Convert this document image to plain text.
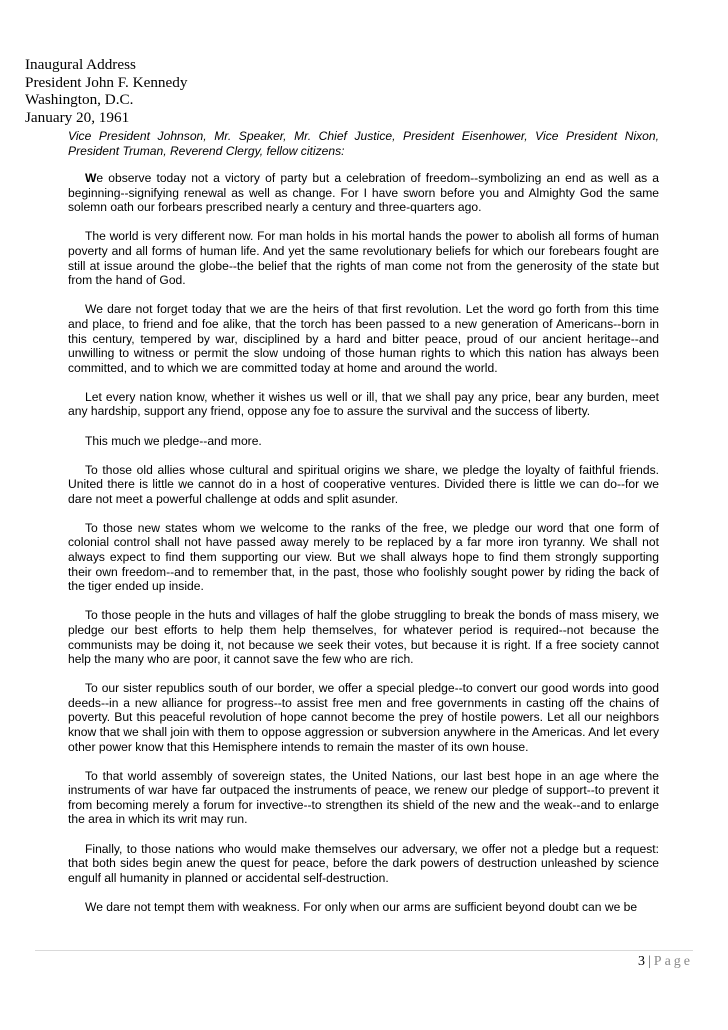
Inaugural Address
President John F. Kennedy
Washington, D.C.
January 20, 1961

Vice President Johnson, Mr. Speaker, Mr. Chief Justice, President Eisenhower, Vice President Nixon, President Truman, Reverend Clergy, fellow citizens:

We observe today not a victory of party but a celebration of freedom--symbolizing an end as well as a beginning--signifying renewal as well as change. For I have sworn before you and Almighty God the same solemn oath our forbears prescribed nearly a century and three-quarters ago.

The world is very different now. For man holds in his mortal hands the power to abolish all forms of human poverty and all forms of human life. And yet the same revolutionary beliefs for which our forebears fought are still at issue around the globe--the belief that the rights of man come not from the generosity of the state but from the hand of God.

We dare not forget today that we are the heirs of that first revolution. Let the word go forth from this time and place, to friend and foe alike, that the torch has been passed to a new generation of Americans--born in this century, tempered by war, disciplined by a hard and bitter peace, proud of our ancient heritage--and unwilling to witness or permit the slow undoing of those human rights to which this nation has always been committed, and to which we are committed today at home and around the world.

Let every nation know, whether it wishes us well or ill, that we shall pay any price, bear any burden, meet any hardship, support any friend, oppose any foe to assure the survival and the success of liberty.

This much we pledge--and more.

To those old allies whose cultural and spiritual origins we share, we pledge the loyalty of faithful friends. United there is little we cannot do in a host of cooperative ventures. Divided there is little we can do--for we dare not meet a powerful challenge at odds and split asunder.

To those new states whom we welcome to the ranks of the free, we pledge our word that one form of colonial control shall not have passed away merely to be replaced by a far more iron tyranny. We shall not always expect to find them supporting our view. But we shall always hope to find them strongly supporting their own freedom--and to remember that, in the past, those who foolishly sought power by riding the back of the tiger ended up inside.

To those people in the huts and villages of half the globe struggling to break the bonds of mass misery, we pledge our best efforts to help them help themselves, for whatever period is required--not because the communists may be doing it, not because we seek their votes, but because it is right. If a free society cannot help the many who are poor, it cannot save the few who are rich.

To our sister republics south of our border, we offer a special pledge--to convert our good words into good deeds--in a new alliance for progress--to assist free men and free governments in casting off the chains of poverty. But this peaceful revolution of hope cannot become the prey of hostile powers. Let all our neighbors know that we shall join with them to oppose aggression or subversion anywhere in the Americas. And let every other power know that this Hemisphere intends to remain the master of its own house.

To that world assembly of sovereign states, the United Nations, our last best hope in an age where the instruments of war have far outpaced the instruments of peace, we renew our pledge of support--to prevent it from becoming merely a forum for invective--to strengthen its shield of the new and the weak--and to enlarge the area in which its writ may run.

Finally, to those nations who would make themselves our adversary, we offer not a pledge but a request: that both sides begin anew the quest for peace, before the dark powers of destruction unleashed by science engulf all humanity in planned or accidental self-destruction.

We dare not tempt them with weakness. For only when our arms are sufficient beyond doubt can we be

3 | Page
